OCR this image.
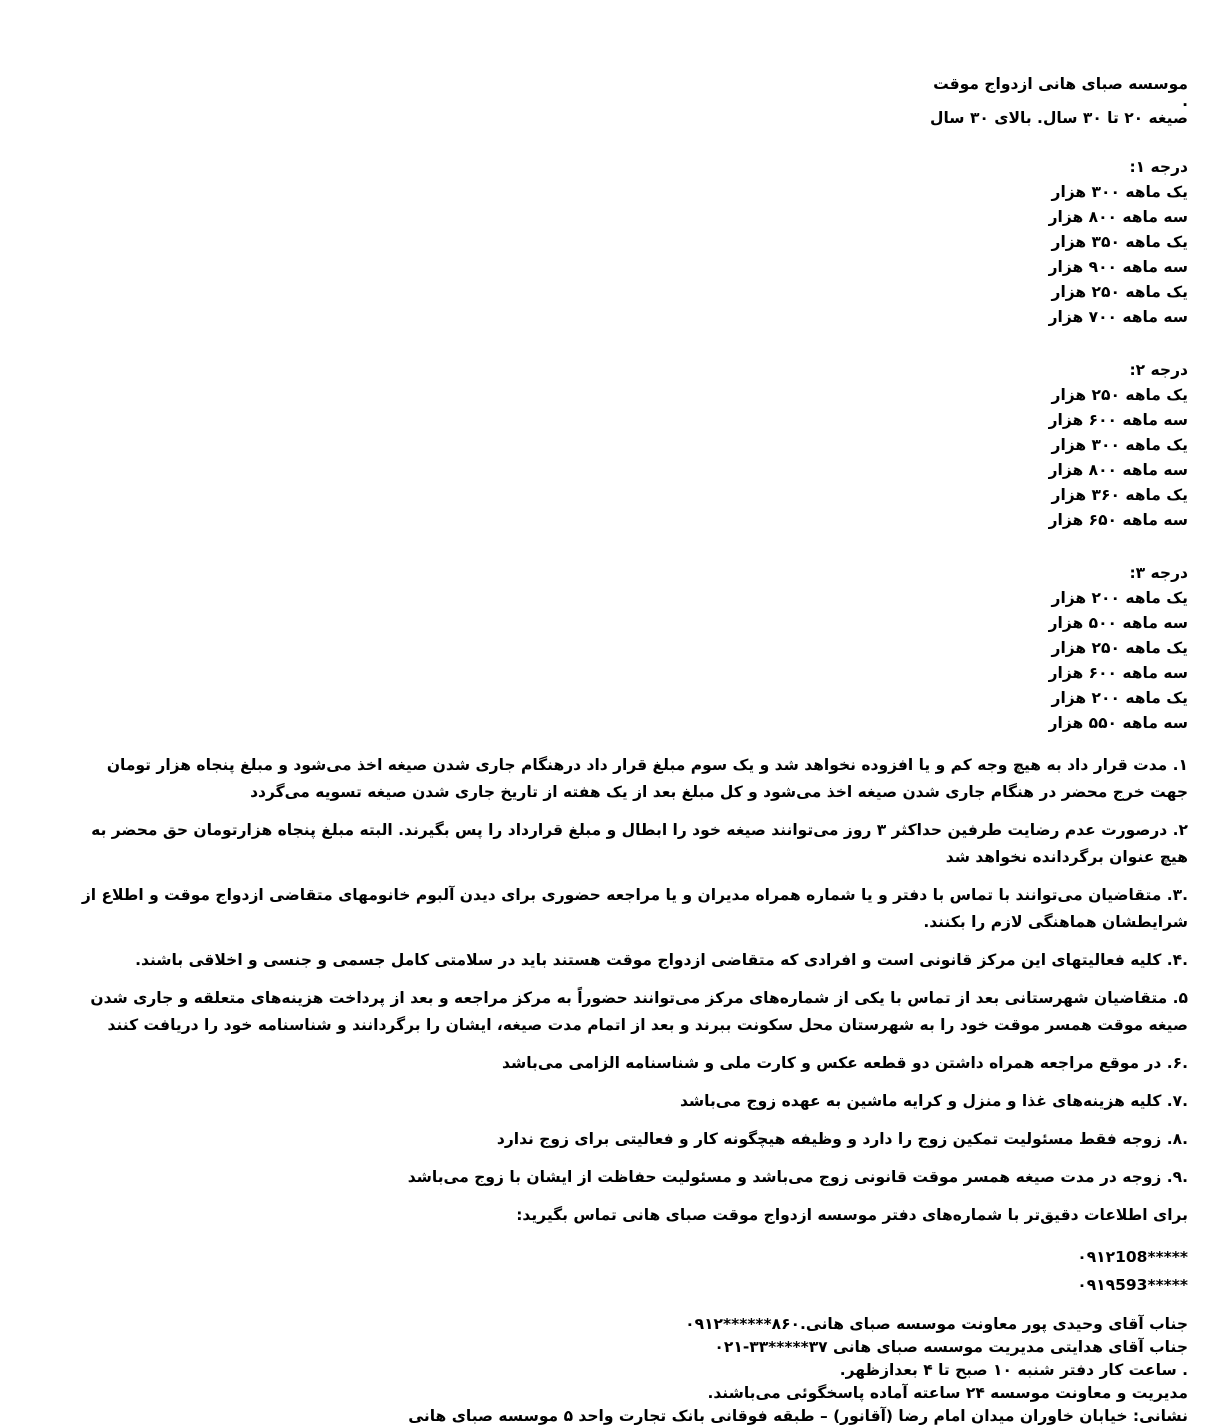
موسسه صبای هانی ازدواج موقت
.
صیغه ۲۰ تا ۳۰ سال. بالای ۳۰ سال
درجه ۱:
یک ماهه ۳۰۰ هزار
سه ماهه ۸۰۰ هزار
یک ماهه ۳۵۰ هزار
سه ماهه ۹۰۰ هزار
یک ماهه ۲۵۰ هزار
سه ماهه ۷۰۰ هزار
درجه ۲:
یک ماهه ۲۵۰ هزار
سه ماهه ۶۰۰ هزار
یک ماهه ۳۰۰ هزار
سه ماهه ۸۰۰ هزار
یک ماهه ۳۶۰ هزار
سه ماهه ۶۵۰ هزار
درجه ۳:
یک ماهه ۲۰۰ هزار
سه ماهه ۵۰۰ هزار
یک ماهه ۲۵۰ هزار
سه ماهه ۶۰۰ هزار
یک ماهه ۲۰۰ هزار
سه ماهه ۵۵۰ هزار

۱. مدت قرار داد به هیچ وجه کم و یا افزوده نخواهد شد و یک سوم مبلغ قرار داد درهنگام جاری شدن صیغه اخذ می‌شود و مبلغ پنجاه هزار تومان جهت خرج محضر در هنگام جاری شدن صیغه اخذ می‌شود و کل مبلغ بعد از یک هفته از تاریخ جاری شدن صیغه تسویه می‌گردد

۲. درصورت عدم رضایت طرفین حداکثر ۳ روز می‌توانند صیغه خود را ابطال و مبلغ قرارداد را پس بگیرند. البته مبلغ پنجاه هزارتومان حق محضر به هیچ عنوان برگردانده نخواهد شد

.۳. متقاضیان می‌توانند با تماس با دفتر و یا شماره همراه مدیران و یا مراجعه حضوری برای دیدن آلبوم خانومهای متقاضی ازدواج موقت و اطلاع از شرایطشان هماهنگی لازم را بکنند.

.۴. کلیه فعالیتهای این مرکز قانونی است و افرادی که متقاضی ازدواج موقت هستند باید در سلامتی کامل جسمی و جنسی و اخلاقی باشند.

۵. متقاضیان شهرستانی بعد از تماس با یکی از شماره‌های مرکز می‌توانند حضوراً به مرکز مراجعه و بعد از پرداخت هزینه‌های متعلقه و جاری شدن صیغه موقت همسر موقت خود را به شهرستان محل سکونت ببرند و بعد از اتمام مدت صیغه، ایشان را برگردانند و شناسنامه خود را دریافت کنند

.۶. در موقع مراجعه همراه داشتن دو قطعه عکس و کارت ملی و شناسنامه الزامی می‌باشد

.۷. کلیه هزینه‌های غذا و منزل و کرایه ماشین به عهده زوج می‌باشد

.۸. زوجه فقط مسئولیت تمکین زوج را دارد و وظیفه هیچگونه کار و فعالیتی برای زوج ندارد

.۹. زوجه در مدت صیغه همسر موقت قانونی زوج می‌باشد و مسئولیت حفاظت از ایشان با زوج می‌باشد

برای اطلاعات دقیق‌تر با شماره‌های دفتر موسسه ازدواج موقت صبای هانی تماس بگیرید:
۰۹۱۲108*****
۰۹۱۹593*****
جناب آقای وحیدی پور معاونت موسسه صبای هانی.۸۶۰******۰۹۱۲
جناب آقای هدایتی مدیریت موسسه صبای هانی ۳۷*****۳۳-۰۲۱
. ساعت کار دفتر شنبه ۱۰ صبح تا ۴ بعدازظهر.
مدیریت و معاونت موسسه ۲۴ ساعته آماده پاسخگوئی می‌باشند.
نشانی: خیابان خاوران میدان امام رضا (آقانور) – طبقه فوقانی بانک تجارت واحد ۵ موسسه صبای هانی
